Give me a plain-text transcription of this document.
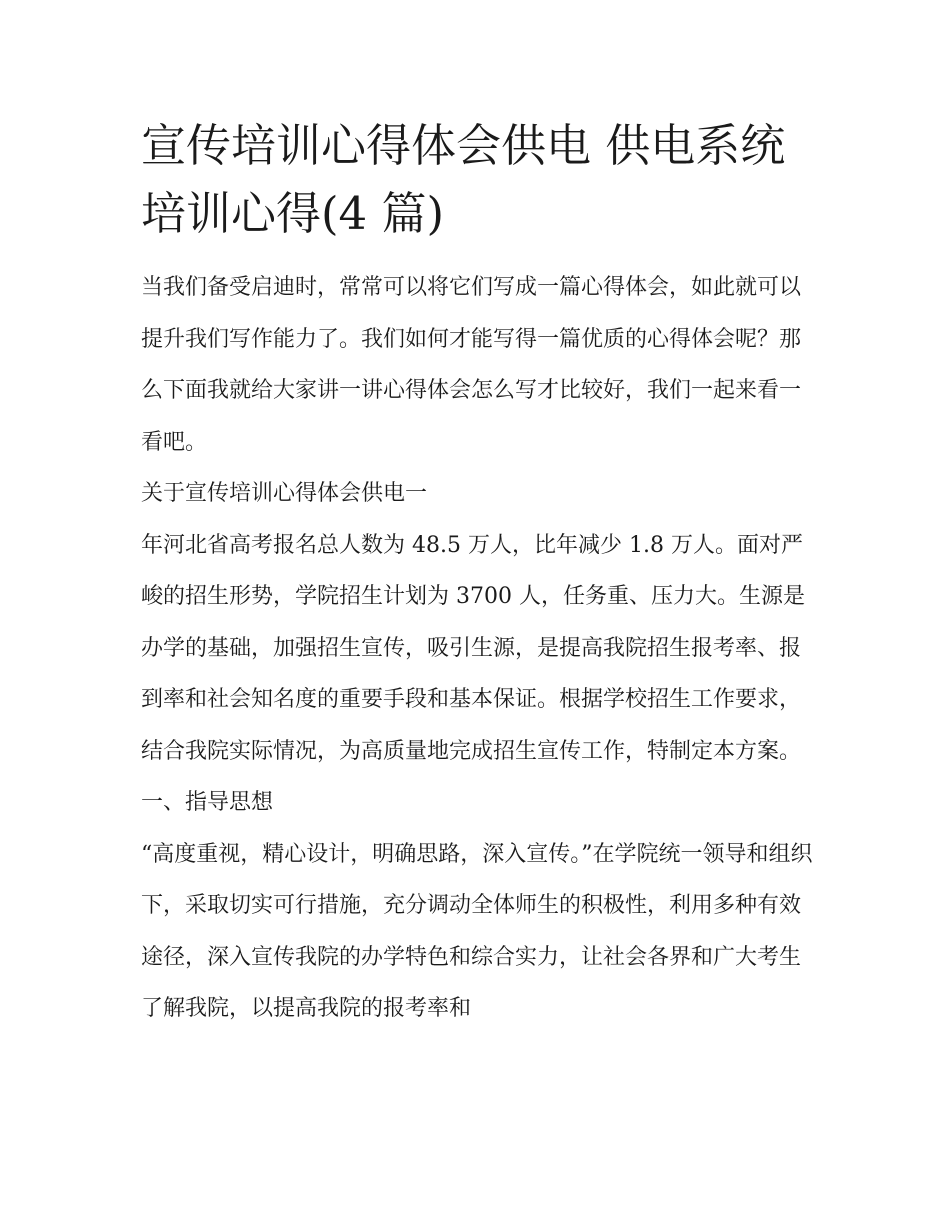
宣传培训心得体会供电 供电系统培训心得(4 篇)

当我们备受启迪时，常常可以将它们写成一篇心得体会，如此就可以提升我们写作能力了。我们如何才能写得一篇优质的心得体会呢？那么下面我就给大家讲一讲心得体会怎么写才比较好，我们一起来看一看吧。

关于宣传培训心得体会供电一

年河北省高考报名总人数为 48.5 万人，比年减少 1.8 万人。面对严峻的招生形势，学院招生计划为 3700 人，任务重、压力大。生源是办学的基础，加强招生宣传，吸引生源，是提高我院招生报考率、报到率和社会知名度的重要手段和基本保证。根据学校招生工作要求，结合我院实际情况，为高质量地完成招生宣传工作，特制定本方案。

一、指导思想

“高度重视，精心设计，明确思路，深入宣传。”在学院统一领导和组织下，采取切实可行措施，充分调动全体师生的积极性，利用多种有效途径，深入宣传我院的办学特色和综合实力，让社会各界和广大考生了解我院，以提高我院的报考率和
